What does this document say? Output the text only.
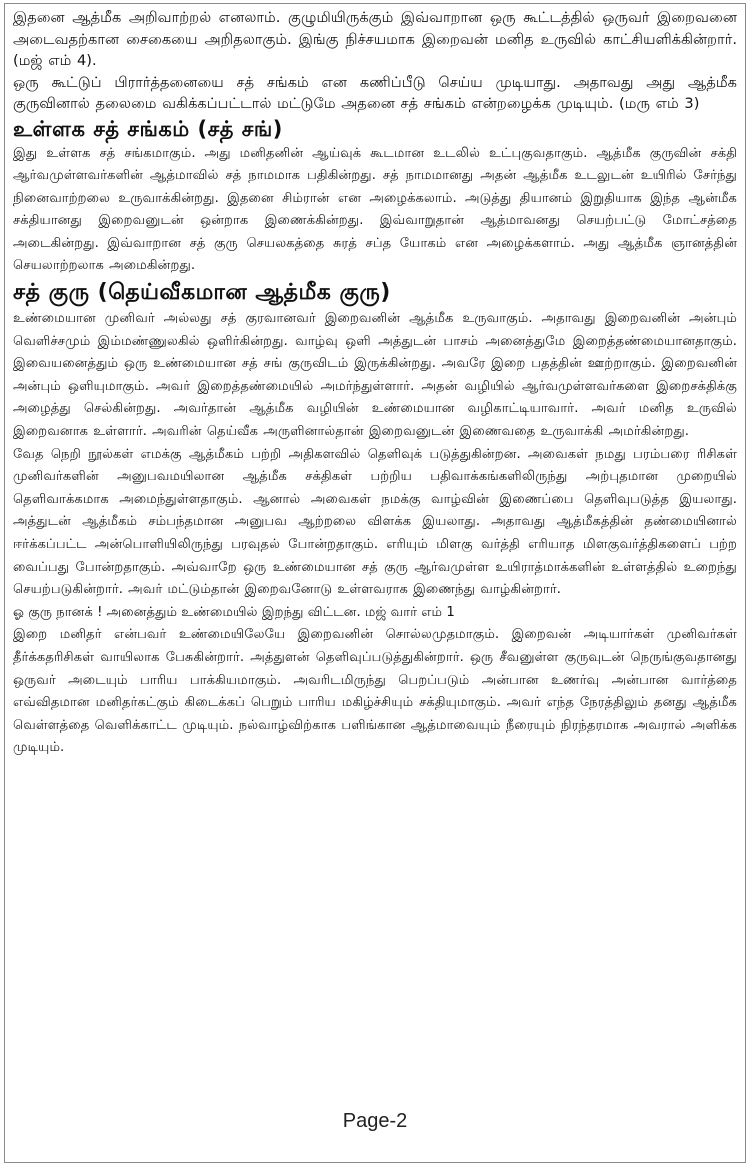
இதனை ஆத்மீக அறிவாற்றல் எனலாம். குழுமியிருக்கும் இவ்வாறான ஒரு கூட்டத்தில் ஒருவர் இறைவனை அடைவதற்கான சைகையை அறிதலாகும். இங்கு நிச்சயமாக இறைவன் மனித உருவில் காட்சியளிக்கின்றார். (மஜ் எம் 4).

ஒரு கூட்டுப் பிரார்த்தனையை சத் சங்கம் என கணிப்பீடு செய்ய முடியாது. அதாவது அது ஆத்மீக குருவினால் தலைமை வகிக்கப்பட்டால் மட்டுமே அதனை சத் சங்கம் என்றழைக்க முடியும். (மரு எம் 3)

உள்ளக சத் சங்கம் (சத் சங்)

இது உள்ளக சத் சங்கமாகும். அது மனிதனின் ஆய்வுக் கூடமான உடலில் உட்புகுவதாகும். ஆத்மீக குருவின் சக்தி ஆர்வமுள்ளவர்களின் ஆத்மாவில் சத் நாமமாக பதிகின்றது. சத் நாமமானது அதன் ஆத்மீக உடலுடன் உயிரில் சேர்ந்து நினைவாற்றலை உருவாக்கின்றது. இதனை சிம்ரான் என அழைக்கலாம். அடுத்து தியானம் இறுதியாக இந்த ஆன்மீக சக்தியானது இறைவனுடன் ஒன்றாக இணைக்கின்றது. இவ்வாறுதான் ஆத்மாவனது செயற்பட்டு மோட்சத்தை அடைகின்றது. இவ்வாறான சத் குரு செயலகத்தை சுரத் சப்த யோகம் என அழைக்களாம். அது ஆத்மீக ஞானத்தின் செயலாற்றலாக அமைகின்றது.

சத் குரு (தெய்வீகமான ஆத்மீக குரு)

உண்மையான முனிவர் அல்லது சத் குரவானவர் இறைவனின் ஆத்மீக உருவாகும். அதாவது இறைவனின் அன்பும் வெளிச்சமும் இம்மண்ணுலகில் ஒளிர்கின்றது. வாழ்வு ஒளி அத்துடன் பாசம் அனைத்துமே இறைத்தண்மையானதாகும். இவையனைத்தும் ஒரு உண்மையான சத் சங் குருவிடம் இருக்கின்றது. அவரே இறை பதத்தின் ஊற்றாகும். இறைவனின் அன்பும் ஒளியுமாகும். அவர் இறைத்தண்மையில் அமர்ந்துள்ளார். அதன் வழியில் ஆர்வமுள்ளவர்களை இறைசக்திக்கு அழைத்து செல்கின்றது. அவர்தான் ஆத்மீக வழியின் உண்மையான வழிகாட்டியாவார். அவர் மனித உருவில் இறைவனாக உள்ளார். அவரின் தெய்வீக அருளினால்தான் இறைவனுடன் இணைவதை உருவாக்கி அமர்கின்றது.

வேத நெறி நூல்கள் எமக்கு ஆத்மீகம் பற்றி அதிகளவில் தெளிவுக் படுத்துகின்றன. அவைகள் நமது பரம்பரை ரிசிகள் முனிவர்களின் அனுபவமயிலான ஆத்மீக சக்திகள் பற்றிய பதிவாக்கங்களிலிருந்து அற்புதமான முறையில் தெளிவாக்கமாக அமைந்துள்ளதாகும். ஆனால் அவைகள் நமக்கு வாழ்வின் இணைப்பை தெளிவுபடுத்த இயலாது. அத்துடன் ஆத்மீகம் சம்பந்தமான அனுபவ ஆற்றலை விளக்க இயலாது. அதாவது ஆத்மீகத்தின் தண்மையினால் ஈர்க்கப்பட்ட அன்பொளியிலிருந்து பரவுதல் போன்றதாகும். எரியும் மிளகு வர்த்தி எரியாத மிளகுவர்த்திகளைப் பற்ற வைப்பது போன்றதாகும். அவ்வாறே ஒரு உண்மையான சத் குரு ஆர்வமுள்ள உயிராத்மாக்களின் உள்ளத்தில் உறைந்து செயற்படுகின்றார். அவர் மட்டும்தான் இறைவனோடு உள்ளவராக இணைந்து வாழ்கின்றார்.

ஓ குரு நானக் ! அனைத்தும் உண்மையில் இறந்து விட்டன. மஜ் வார் எம் 1

இறை மனிதர் என்பவர் உண்மையிலேயே இறைவனின் சொல்லமுதமாகும். இறைவன் அடியார்கள் முனிவர்கள் தீர்க்கதரிசிகள் வாயிலாக பேசுகின்றார். அத்துளன் தெளிவுப்படுத்துகின்றார். ஒரு சீவனுள்ள குருவுடன் நெருங்குவதானது ஒருவர் அடையும் பாரிய பாக்கியமாகும். அவரிடமிருந்து பெறப்படும் அன்பான உணர்வு அன்பான வார்த்தை எவ்விதமான மனிதர்கட்கும் கிடைக்கப் பெறும் பாரிய மகிழ்ச்சியும் சக்தியுமாகும். அவர் எந்த நேரத்திலும் தனது ஆத்மீக வெள்ளத்தை வெளிக்காட்ட முடியும். நல்வாழ்விற்காக பளிங்கான ஆத்மாவையும் நீரையும் நிரந்தரமாக அவரால் அளிக்க முடியும்.

Page-2
